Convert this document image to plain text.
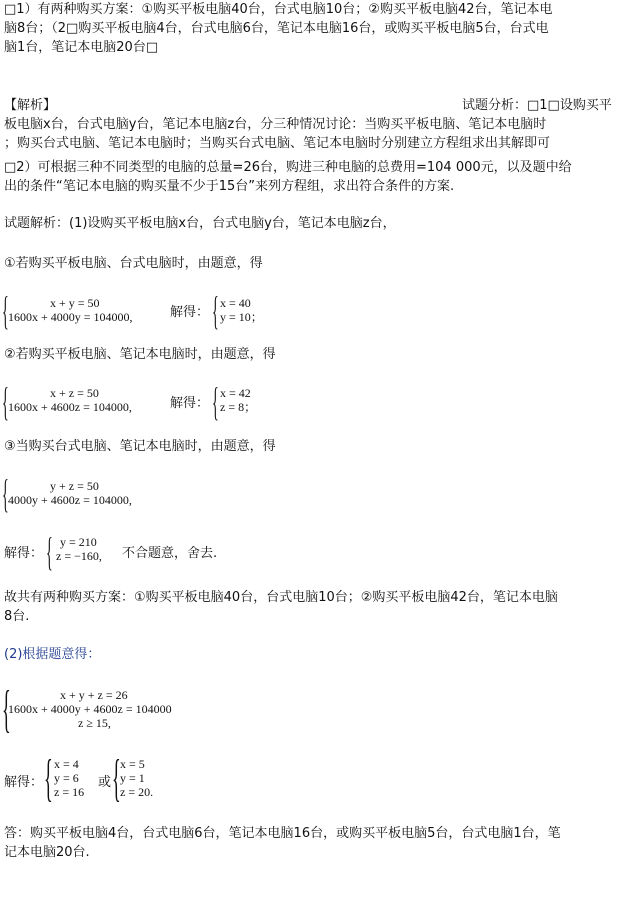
□1）有两种购买方案：①购买平板电脑40台，台式电脑10台；②购买平板电脑42台，笔记本电
脑8台；（2□购买平板电脑4台，台式电脑6台，笔记本电脑16台，或购买平板电脑5台，台式电
脑1台，笔记本电脑20台□
【解析】	试题分析：□1□设购买平
板电脑x台，台式电脑y台，笔记本电脑z台，分三种情况讨论：当购买平板电脑、笔记本电脑时
；购买台式电脑、笔记本电脑时；当购买台式电脑、笔记本电脑时分别建立方程组求出其解即可
□2）可根据三种不同类型的电脑的总量=26台，购进三种电脑的总费用=104 000元，以及题中给
出的条件“笔记本电脑的购买量不少于15台”来列方程组，求出符合条件的方案.
试题解析：(1)设购买平板电脑x台，台式电脑y台，笔记本电脑z台，
①若购买平板电脑、台式电脑时，由题意，得
{	x + y = 50
1600x + 4000y = 104000,	解得： { x = 40
y = 10；
②若购买平板电脑、笔记本电脑时，由题意，得
{	x + z = 50
1600x + 4600z = 104000,	解得： { x = 42
z = 8；
③当购买台式电脑、笔记本电脑时，由题意，得
{	y + z = 50
4000y + 4600z = 104000,
解得： { y = 210
z = −160, 不合题意，舍去.
故共有两种购买方案：①购买平板电脑40台，台式电脑10台；②购买平板电脑42台，笔记本电脑
8台.
(2)根据题意得：
{	x + y + z = 26
1600x + 4000y + 4600z = 104000
z ≥ 15,
解得： { x = 4
y = 6
z = 16
或 { x = 5
y = 1
z = 20.
答：购买平板电脑4台，台式电脑6台，笔记本电脑16台，或购买平板电脑5台，台式电脑1台，笔
记本电脑20台.
